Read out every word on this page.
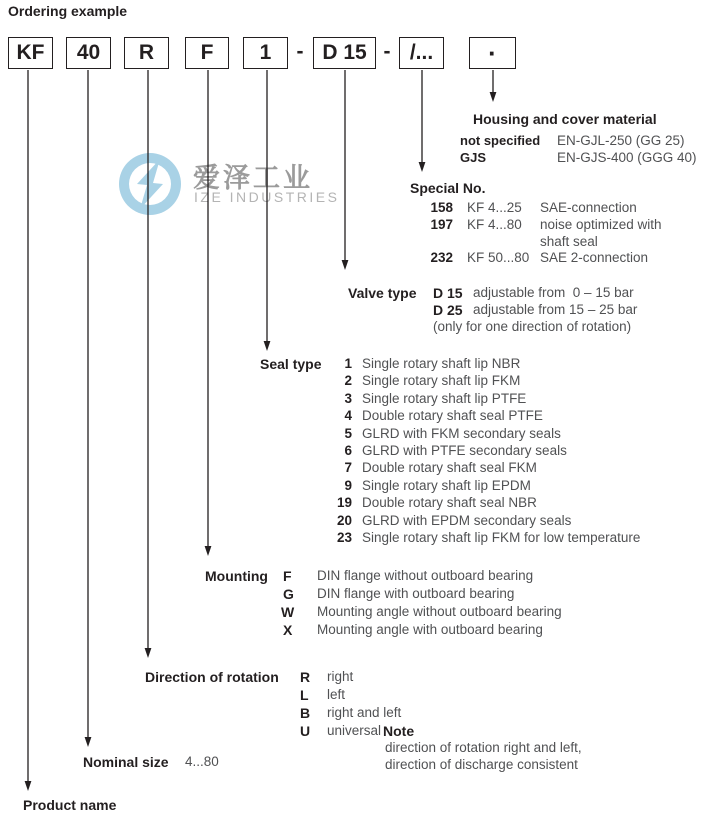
爱泽工业
IZE INDUSTRIES
Ordering example
KF	40	R	F	1	- D 15 - /...	·
Housing and cover material
not specified EN-GJL-250 (GG 25)
GJS	EN-GJS-400 (GGG 40)
Special No.
158 KF 4...25 SAE-connection
197 KF 4...80 noise optimized with
shaft seal
232 KF 50...80 SAE 2-connection
Valve type D 15 adjustable from  0 – 15 bar
D 25 adjustable from 15 – 25 bar
(only for one direction of rotation)
Seal type	1 Single rotary shaft lip NBR
2 Single rotary shaft lip FKM
3 Single rotary shaft lip PTFE
4 Double rotary shaft seal PTFE
5 GLRD with FKM secondary seals
6 GLRD with PTFE secondary seals
7 Double rotary shaft seal FKM
9 Single rotary shaft lip EPDM
19 Double rotary shaft seal NBR
20 GLRD with EPDM secondary seals
23 Single rotary shaft lip FKM for low temperature
Mounting F DIN flange without outboard bearing
G DIN flange with outboard bearing
W Mounting angle without outboard bearing
X Mounting angle with outboard bearing
Direction of rotation R right
L left
B right and left
U universal Note
direction of rotation right and left,
direction of discharge consistent
Nominal size 4...80
Product name
